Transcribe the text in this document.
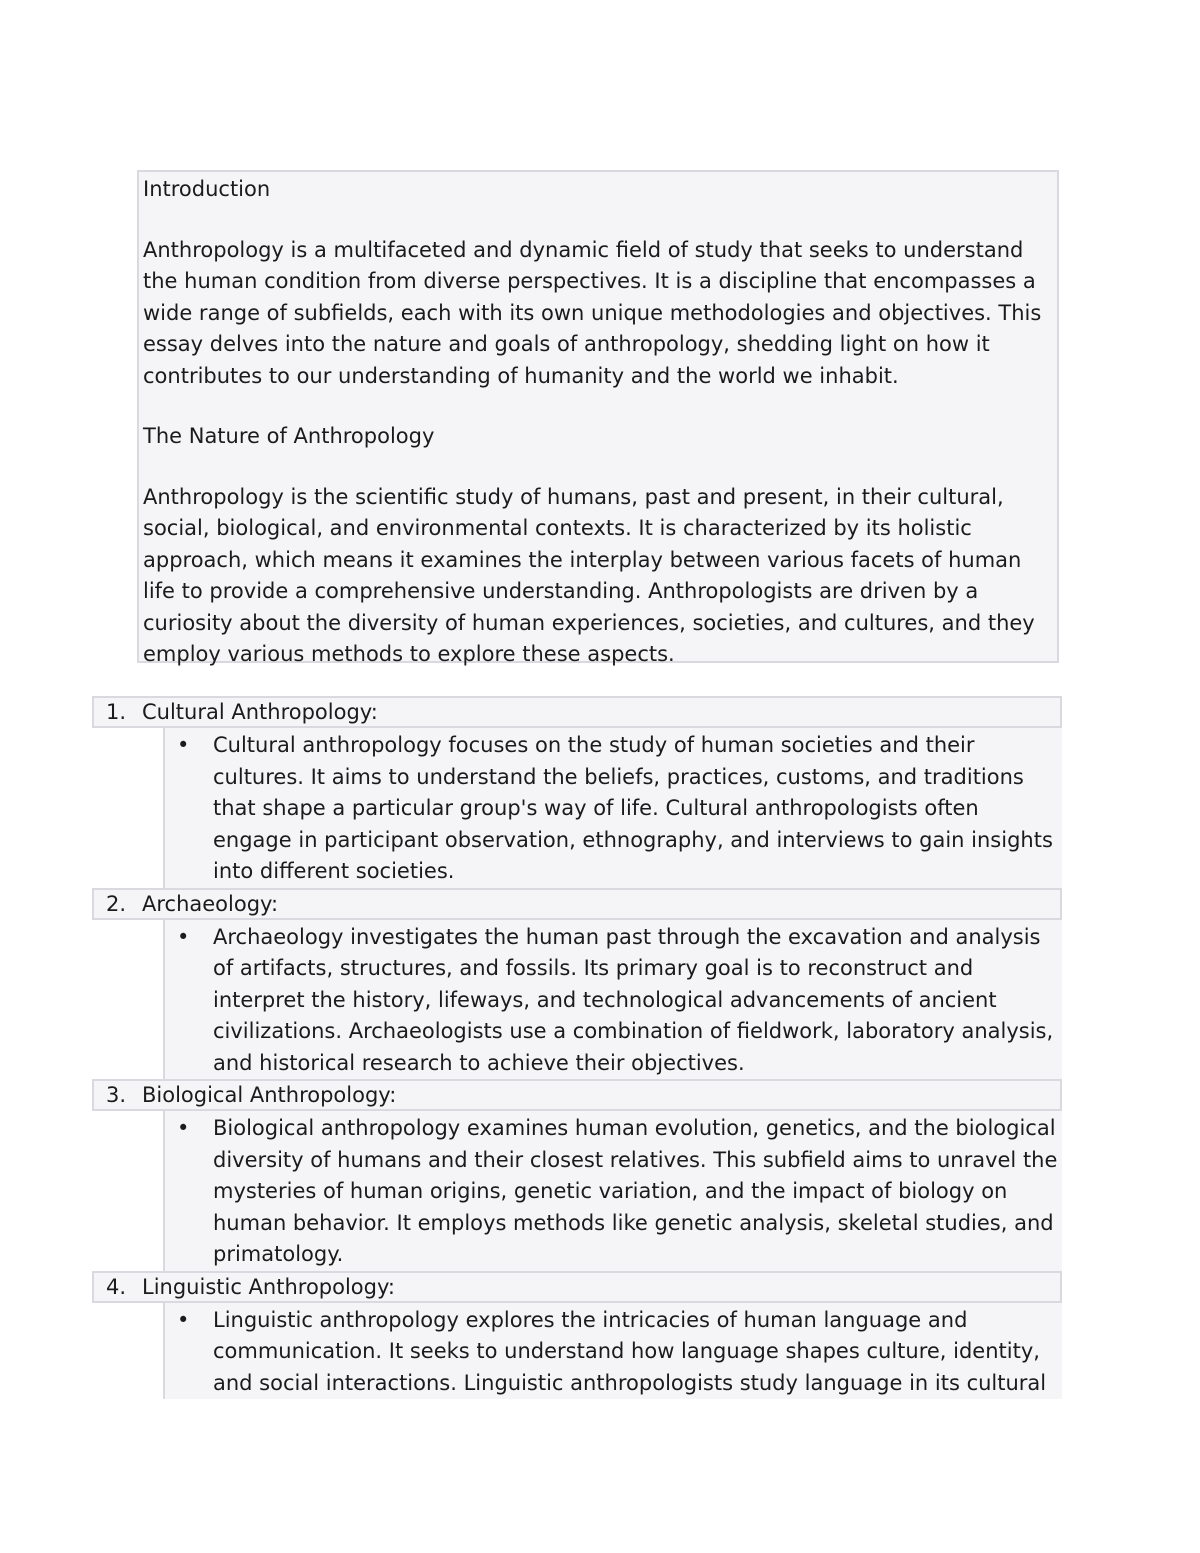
Introduction

Anthropology is a multifaceted and dynamic field of study that seeks to understand the human condition from diverse perspectives. It is a discipline that encompasses a wide range of subfields, each with its own unique methodologies and objectives. This essay delves into the nature and goals of anthropology, shedding light on how it contributes to our understanding of humanity and the world we inhabit.

The Nature of Anthropology

Anthropology is the scientific study of humans, past and present, in their cultural, social, biological, and environmental contexts. It is characterized by its holistic approach, which means it examines the interplay between various facets of human life to provide a comprehensive understanding. Anthropologists are driven by a curiosity about the diversity of human experiences, societies, and cultures, and they employ various methods to explore these aspects.

1. Cultural Anthropology:
• Cultural anthropology focuses on the study of human societies and their cultures. It aims to understand the beliefs, practices, customs, and traditions that shape a particular group's way of life. Cultural anthropologists often engage in participant observation, ethnography, and interviews to gain insights into different societies.
2. Archaeology:
• Archaeology investigates the human past through the excavation and analysis of artifacts, structures, and fossils. Its primary goal is to reconstruct and interpret the history, lifeways, and technological advancements of ancient civilizations. Archaeologists use a combination of fieldwork, laboratory analysis, and historical research to achieve their objectives.
3. Biological Anthropology:
• Biological anthropology examines human evolution, genetics, and the biological diversity of humans and their closest relatives. This subfield aims to unravel the mysteries of human origins, genetic variation, and the impact of biology on human behavior. It employs methods like genetic analysis, skeletal studies, and primatology.
4. Linguistic Anthropology:
• Linguistic anthropology explores the intricacies of human language and communication. It seeks to understand how language shapes culture, identity, and social interactions. Linguistic anthropologists study language in its cultural
